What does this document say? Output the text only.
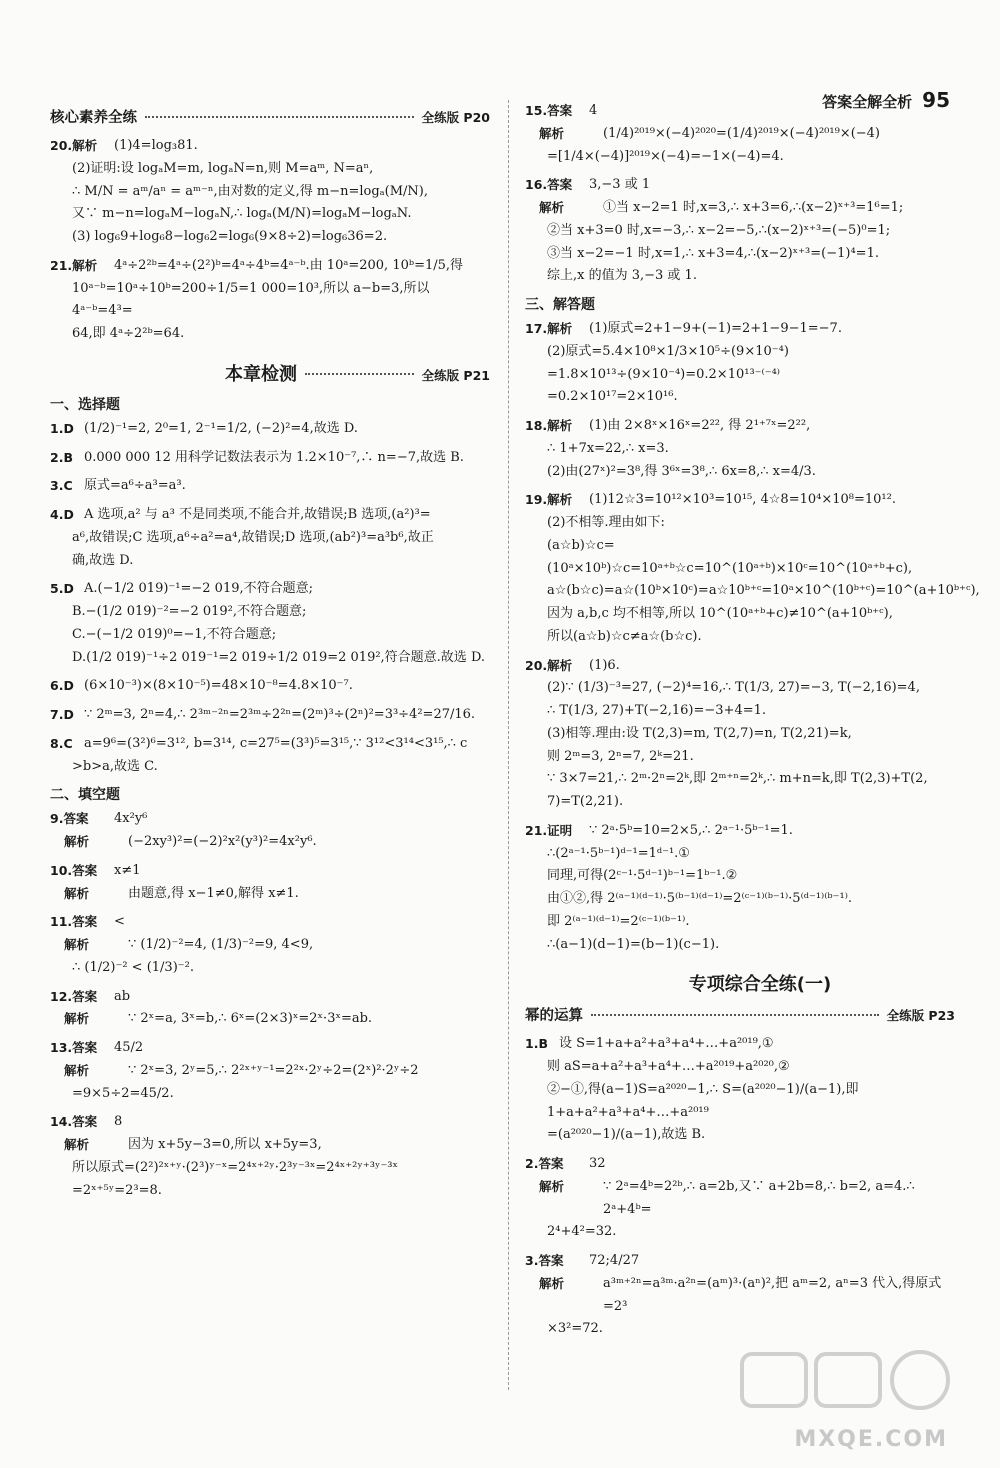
答案全解全析 95
核心素养全练	全练版 P20
20.解析	(1)4=log₃81.
(2)证明:设 logₐM=m, logₐN=n,则 M=aᵐ, N=aⁿ,
∴ M/N = aᵐ/aⁿ = aᵐ⁻ⁿ,由对数的定义,得 m−n=logₐ(M/N),
又∵ m−n=logₐM−logₐN,∴ logₐ(M/N)=logₐM−logₐN.
(3) log₆9+log₆8−log₆2=log₆(9×8÷2)=log₆36=2.
21.解析	4ᵃ÷2²ᵇ=4ᵃ÷(2²)ᵇ=4ᵃ÷4ᵇ=4ᵃ⁻ᵇ.由 10ᵃ=200, 10ᵇ=1/5,得
10ᵃ⁻ᵇ=10ᵃ÷10ᵇ=200÷1/5=1 000=10³,所以 a−b=3,所以 4ᵃ⁻ᵇ=4³=
64,即 4ᵃ÷2²ᵇ=64.
本章检测	全练版 P21
一、选择题
1.D (1/2)⁻¹=2, 2⁰=1, 2⁻¹=1/2, (−2)²=4,故选 D.
2.B 0.000 000 12 用科学记数法表示为 1.2×10⁻⁷,∴ n=−7,故选 B.
3.C 原式=a⁶÷a³=a³.
4.D A 选项,a² 与 a³ 不是同类项,不能合并,故错误;B 选项,(a²)³=
a⁶,故错误;C 选项,a⁶÷a²=a⁴,故错误;D 选项,(ab²)³=a³b⁶,故正
确,故选 D.
5.D A.(−1/2 019)⁻¹=−2 019,不符合题意;
B.−(1/2 019)⁻²=−2 019²,不符合题意;
C.−(−1/2 019)⁰=−1,不符合题意;
D.(1/2 019)⁻¹÷2 019⁻¹=2 019÷1/2 019=2 019²,符合题意.故选 D.
6.D (6×10⁻³)×(8×10⁻⁵)=48×10⁻⁸=4.8×10⁻⁷.
7.D ∵ 2ᵐ=3, 2ⁿ=4,∴ 2³ᵐ⁻²ⁿ=2³ᵐ÷2²ⁿ=(2ᵐ)³÷(2ⁿ)²=3³÷4²=27/16.
8.C a=9⁶=(3²)⁶=3¹², b=3¹⁴, c=27⁵=(3³)⁵=3¹⁵,∵ 3¹²<3¹⁴<3¹⁵,∴ c
>b>a,故选 C.
二、填空题
9.答案	4x²y⁶
解析	(−2xy³)²=(−2)²x²(y³)²=4x²y⁶.
10.答案	x≠1
解析	由题意,得 x−1≠0,解得 x≠1.
11.答案	<
解析	∵ (1/2)⁻²=4, (1/3)⁻²=9, 4<9,
∴ (1/2)⁻² < (1/3)⁻².
12.答案	ab
解析	∵ 2ˣ=a, 3ˣ=b,∴ 6ˣ=(2×3)ˣ=2ˣ·3ˣ=ab.
13.答案	45/2
解析	∵ 2ˣ=3, 2ʸ=5,∴ 2²ˣ⁺ʸ⁻¹=2²ˣ·2ʸ÷2=(2ˣ)²·2ʸ÷2
=9×5÷2=45/2.
14.答案	8
解析	因为 x+5y−3=0,所以 x+5y=3,
所以原式=(2²)²ˣ⁺ʸ·(2³)ʸ⁻ˣ=2⁴ˣ⁺²ʸ·2³ʸ⁻³ˣ=2⁴ˣ⁺²ʸ⁺³ʸ⁻³ˣ
=2ˣ⁺⁵ʸ=2³=8.
15.答案	4
解析	(1/4)²⁰¹⁹×(−4)²⁰²⁰=(1/4)²⁰¹⁹×(−4)²⁰¹⁹×(−4)
=[1/4×(−4)]²⁰¹⁹×(−4)=−1×(−4)=4.
16.答案	3,−3 或 1
解析	①当 x−2=1 时,x=3,∴ x+3=6,∴(x−2)ˣ⁺³=1⁶=1;
②当 x+3=0 时,x=−3,∴ x−2=−5,∴(x−2)ˣ⁺³=(−5)⁰=1;
③当 x−2=−1 时,x=1,∴ x+3=4,∴(x−2)ˣ⁺³=(−1)⁴=1.
综上,x 的值为 3,−3 或 1.
三、解答题
17.解析	(1)原式=2+1−9+(−1)=2+1−9−1=−7.
(2)原式=5.4×10⁸×1/3×10⁵÷(9×10⁻⁴)
=1.8×10¹³÷(9×10⁻⁴)=0.2×10¹³⁻⁽⁻⁴⁾
=0.2×10¹⁷=2×10¹⁶.
18.解析	(1)由 2×8ˣ×16ˣ=2²², 得 2¹⁺⁷ˣ=2²²,
∴ 1+7x=22,∴ x=3.
(2)由(27ˣ)²=3⁸,得 3⁶ˣ=3⁸,∴ 6x=8,∴ x=4/3.
19.解析	(1)12☆3=10¹²×10³=10¹⁵, 4☆8=10⁴×10⁸=10¹².
(2)不相等.理由如下:
(a☆b)☆c=(10ᵃ×10ᵇ)☆c=10ᵃ⁺ᵇ☆c=10^(10ᵃ⁺ᵇ)×10ᶜ=10^(10ᵃ⁺ᵇ+c),
a☆(b☆c)=a☆(10ᵇ×10ᶜ)=a☆10ᵇ⁺ᶜ=10ᵃ×10^(10ᵇ⁺ᶜ)=10^(a+10ᵇ⁺ᶜ),
因为 a,b,c 均不相等,所以 10^(10ᵃ⁺ᵇ+c)≠10^(a+10ᵇ⁺ᶜ),
所以(a☆b)☆c≠a☆(b☆c).
20.解析	(1)6.
(2)∵ (1/3)⁻³=27, (−2)⁴=16,∴ T(1/3, 27)=−3, T(−2,16)=4,
∴ T(1/3, 27)+T(−2,16)=−3+4=1.
(3)相等.理由:设 T(2,3)=m, T(2,7)=n, T(2,21)=k,
则 2ᵐ=3, 2ⁿ=7, 2ᵏ=21.
∵ 3×7=21,∴ 2ᵐ·2ⁿ=2ᵏ,即 2ᵐ⁺ⁿ=2ᵏ,∴ m+n=k,即 T(2,3)+T(2,
7)=T(2,21).
21.证明	∵ 2ᵃ·5ᵇ=10=2×5,∴ 2ᵃ⁻¹·5ᵇ⁻¹=1.
∴(2ᵃ⁻¹·5ᵇ⁻¹)ᵈ⁻¹=1ᵈ⁻¹.①
同理,可得(2ᶜ⁻¹·5ᵈ⁻¹)ᵇ⁻¹=1ᵇ⁻¹.②
由①②,得 2⁽ᵃ⁻¹⁾⁽ᵈ⁻¹⁾·5⁽ᵇ⁻¹⁾⁽ᵈ⁻¹⁾=2⁽ᶜ⁻¹⁾⁽ᵇ⁻¹⁾·5⁽ᵈ⁻¹⁾⁽ᵇ⁻¹⁾.
即 2⁽ᵃ⁻¹⁾⁽ᵈ⁻¹⁾=2⁽ᶜ⁻¹⁾⁽ᵇ⁻¹⁾.
∴(a−1)(d−1)=(b−1)(c−1).
专项综合全练(一)
幂的运算	全练版 P23
1.B 设 S=1+a+a²+a³+a⁴+…+a²⁰¹⁹,①
则 aS=a+a²+a³+a⁴+…+a²⁰¹⁹+a²⁰²⁰,②
②−①,得(a−1)S=a²⁰²⁰−1,∴ S=(a²⁰²⁰−1)/(a−1),即 1+a+a²+a³+a⁴+…+a²⁰¹⁹
=(a²⁰²⁰−1)/(a−1),故选 B.
2.答案	32
解析	∵ 2ᵃ=4ᵇ=2²ᵇ,∴ a=2b,又∵ a+2b=8,∴ b=2, a=4.∴ 2ᵃ+4ᵇ=
2⁴+4²=32.
3.答案	72;4/27
解析	a³ᵐ⁺²ⁿ=a³ᵐ·a²ⁿ=(aᵐ)³·(aⁿ)²,把 aᵐ=2, aⁿ=3 代入,得原式=2³
×3²=72.
MXQE.COM
